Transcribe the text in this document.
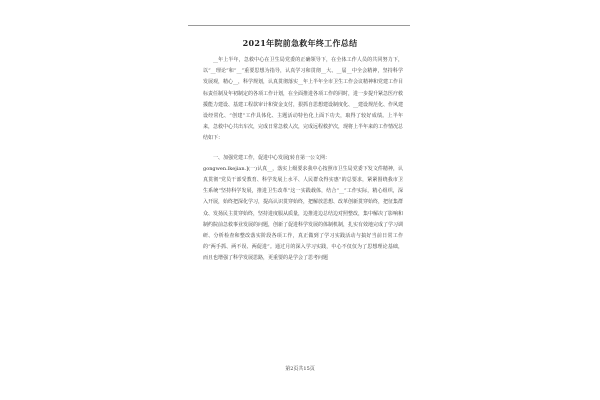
2021年院前急救年终工作总结

__年上半年，急救中心在卫生局党委的正确领导下，在全体工作人员的共同努力下，以“__理论”和“__”重要思想为指导，认真学习和贯彻__大、__届__中全会精神，坚持科学发展观，精心__，科学规划，认真贯彻落实__年上半年全市卫生工作会议精神和党建工作目标责任制及年初制定的各项工作计划，在全面推进各项工作的同时，进一步提升紧急医疗救援能力建设、基建工程款审计和资金支付，狠抓自思想建设制度化、__建设规范化、作风建设经常化、“创建”工作具体化、主题活动特色化上面下功夫，取得了较好成绩。上半年来，急救中心共出车次，完成日常急救人次，完成远程救护次，现将上半年来的工作情况总结如下：

一、加强党建工作，促进中心发展[转自第一公文网：

gongwen.lkejian.](一)认真__，落实上级要求我中心按照市卫生局党委下发文件精神，认真贯彻“党员干部受教育、科学发展上水平、人民群众得实惠”的总要求，紧紧围绕我市卫生系统“坚持科学发展，推进卫生改革”这一实践载体，结合“__”工作实际，精心组织，深入开展，始终把深化学习，提高认识贯穿始终，把解放思想、改革创新贯穿始终，把征集群众、发扬民主贯穿始终，坚持进度服从质量，边推进边总结边对照整改，集中解决了影响和制约院前急救事业发展的问题，创新了促进科学发展的体制机制，扎实有效地完成了学习调研、分析检查和整改落实阶段各项工作，真正做到了学习实践活动与搞好当前日常工作的“两手抓、两不误、两促进”。通过月的深入学习实践，中心不仅仅为了思想理论基础，而且也增强了科学发展思路，更重要的是学会了思考问题

第2页共15页
